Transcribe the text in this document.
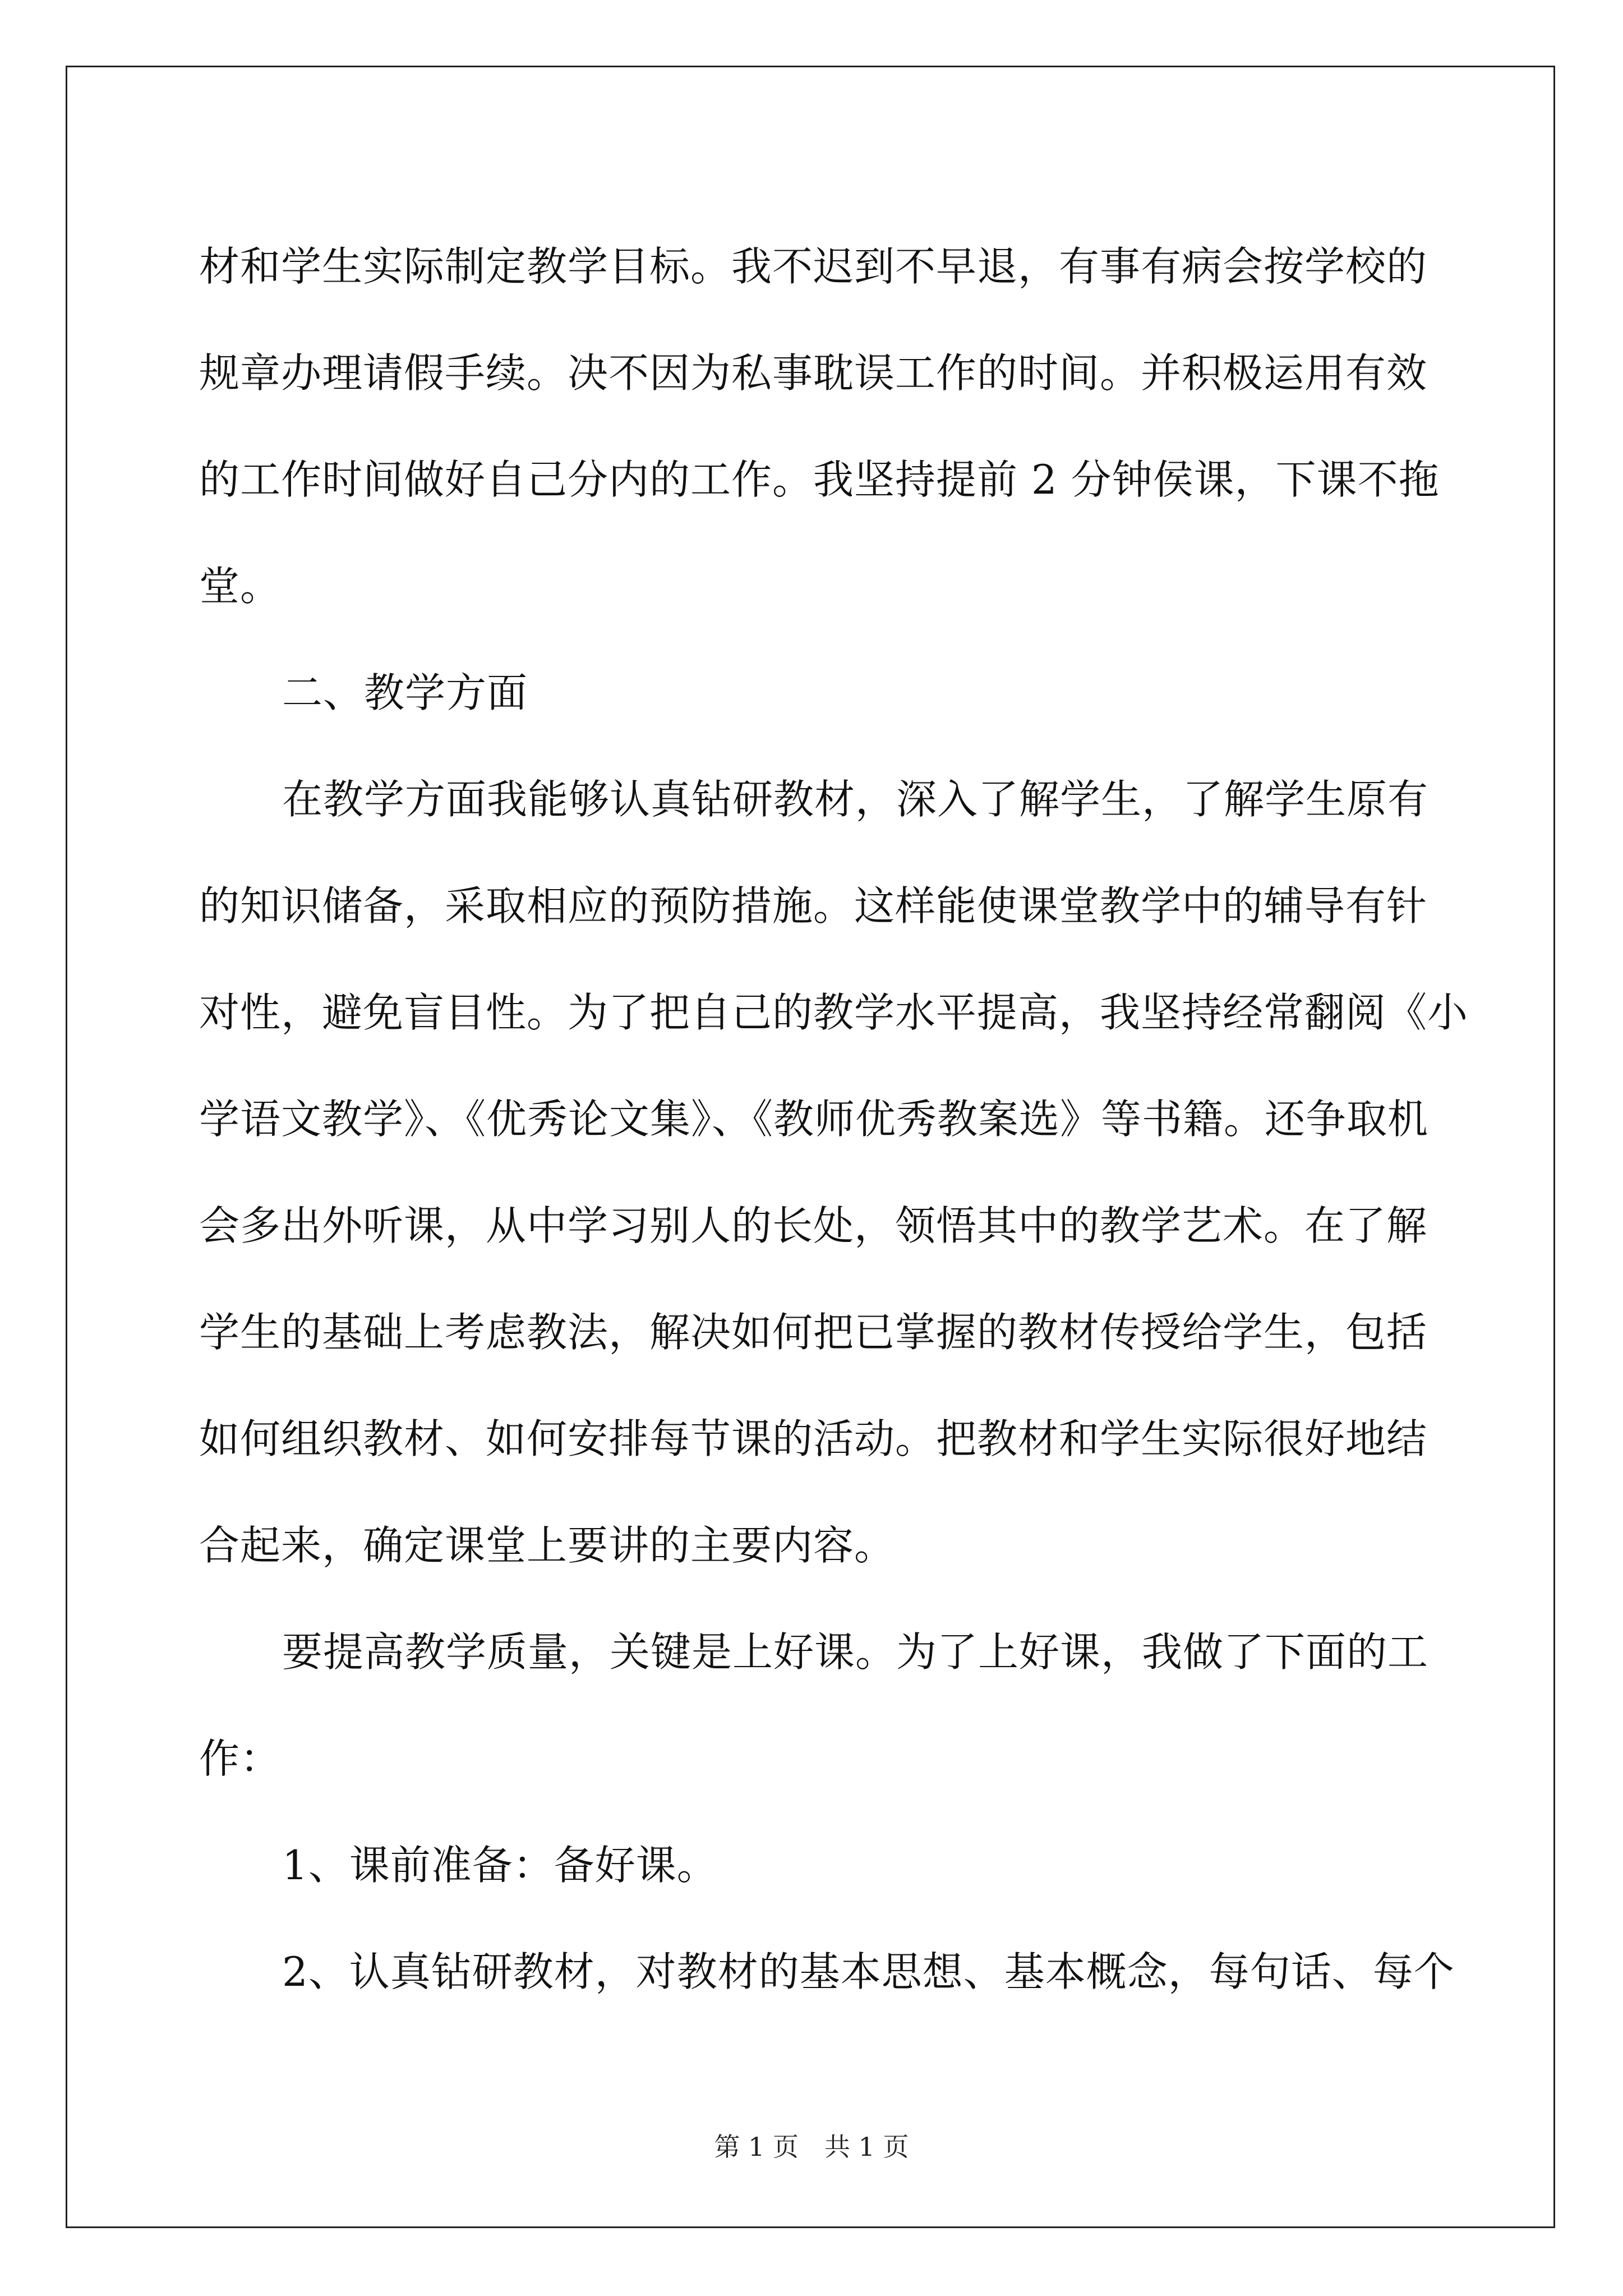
材和学生实际制定教学目标。我不迟到不早退，有事有病会按学校的
规章办理请假手续。决不因为私事耽误工作的时间。并积极运用有效
的工作时间做好自己分内的工作。我坚持提前 2 分钟侯课，下课不拖
堂。
二、教学方面
在教学方面我能够认真钻研教材，深入了解学生，了解学生原有
的知识储备，采取相应的预防措施。这样能使课堂教学中的辅导有针
对性，避免盲目性。为了把自己的教学水平提高，我坚持经常翻阅《小
学语文教学》、《优秀论文集》、《教师优秀教案选》等书籍。还争取机
会多出外听课，从中学习别人的长处，领悟其中的教学艺术。在了解
学生的基础上考虑教法，解决如何把已掌握的教材传授给学生，包括
如何组织教材、如何安排每节课的活动。把教材和学生实际很好地结
合起来，确定课堂上要讲的主要内容。
要提高教学质量，关键是上好课。为了上好课，我做了下面的工
作：
1、课前准备：备好课。
2、认真钻研教材，对教材的基本思想、基本概念，每句话、每个
第 1 页　共 1 页
